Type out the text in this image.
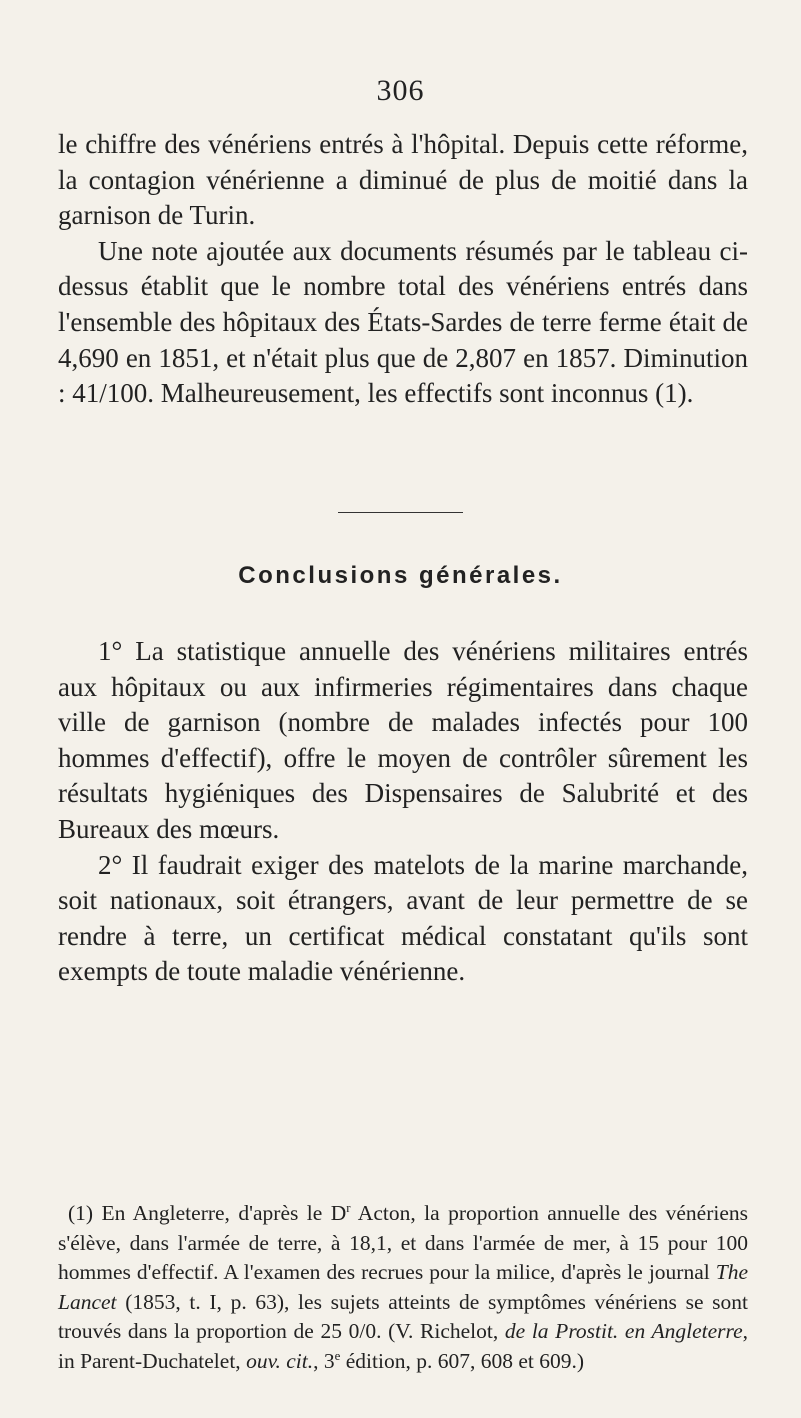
306

le chiffre des vénériens entrés à l'hôpital. Depuis cette réforme, la contagion vénérienne a diminué de plus de moitié dans la garnison de Turin.

Une note ajoutée aux documents résumés par le tableau ci-dessus établit que le nombre total des vénériens entrés dans l'ensemble des hôpitaux des États-Sardes de terre ferme était de 4,690 en 1851, et n'était plus que de 2,807 en 1857. Diminution : 41/100. Malheureusement, les effectifs sont inconnus (1).

Conclusions générales.

1° La statistique annuelle des vénériens militaires entrés aux hôpitaux ou aux infirmeries régimentaires dans chaque ville de garnison (nombre de malades infectés pour 100 hommes d'effectif), offre le moyen de contrôler sûrement les résultats hygiéniques des Dispensaires de Salubrité et des Bureaux des mœurs.

2° Il faudrait exiger des matelots de la marine marchande, soit nationaux, soit étrangers, avant de leur permettre de se rendre à terre, un certificat médical constatant qu'ils sont exempts de toute maladie vénérienne.

(1) En Angleterre, d'après le $D^r$ Acton, la proportion annuelle des vénériens s'élève, dans l'armée de terre, à 18,1, et dans l'armée de mer, à 15 pour 100 hommes d'effectif. A l'examen des recrues pour la milice, d'après le journal The Lancet (1853, t. I, p. 63), les sujets atteints de symptômes vénériens se sont trouvés dans la proportion de 25 0/0. (V. Richelot, de la Prostit. en Angleterre, in Parent-Duchatelet, ouv. cit., 3e édition, p. 607, 608 et 609.)
